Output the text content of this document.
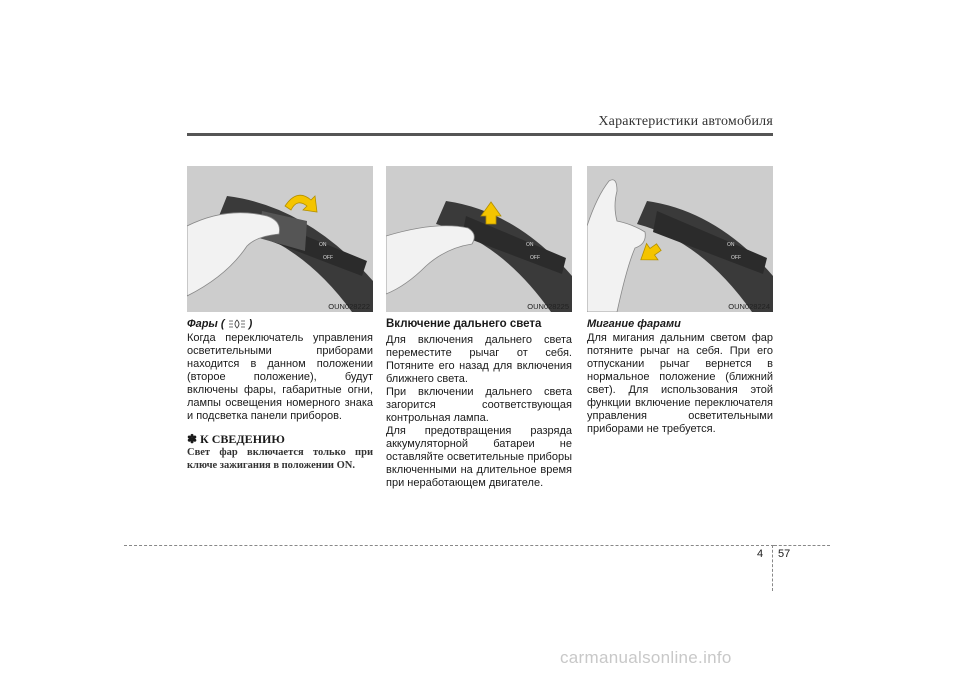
Характеристики автомобиля
ON
OFF
OUN028222
ON
OFF
OUN028225
ON
OFF
OUN028224
Фары ( )

Когда переключатель управления осветительными приборами находится в данном положении (второе положение), будут включены фары, габаритные огни, лампы освещения номерного знака и подсветка панели приборов.

✽ К СВЕДЕНИЮ
Свет фар включается только при ключе зажигания в положении ON.
Включение дальнего света

Для включения дальнего света переместите рычаг от себя. Потяните его назад для включения ближнего света.

При включении дальнего света загорится соответствующая контрольная лампа.

Для предотвращения разряда аккумуляторной батареи не оставляйте осветительные приборы включенными на длительное время при неработающем двигателе.

Мигание фарами

Для мигания дальним светом фар потяните рычаг на себя. При его отпускании рычаг вернется в нормальное положение (ближний свет). Для использования этой функции включение переключателя управления осветительными приборами не требуется.

4 57
carmanualsonline.info
